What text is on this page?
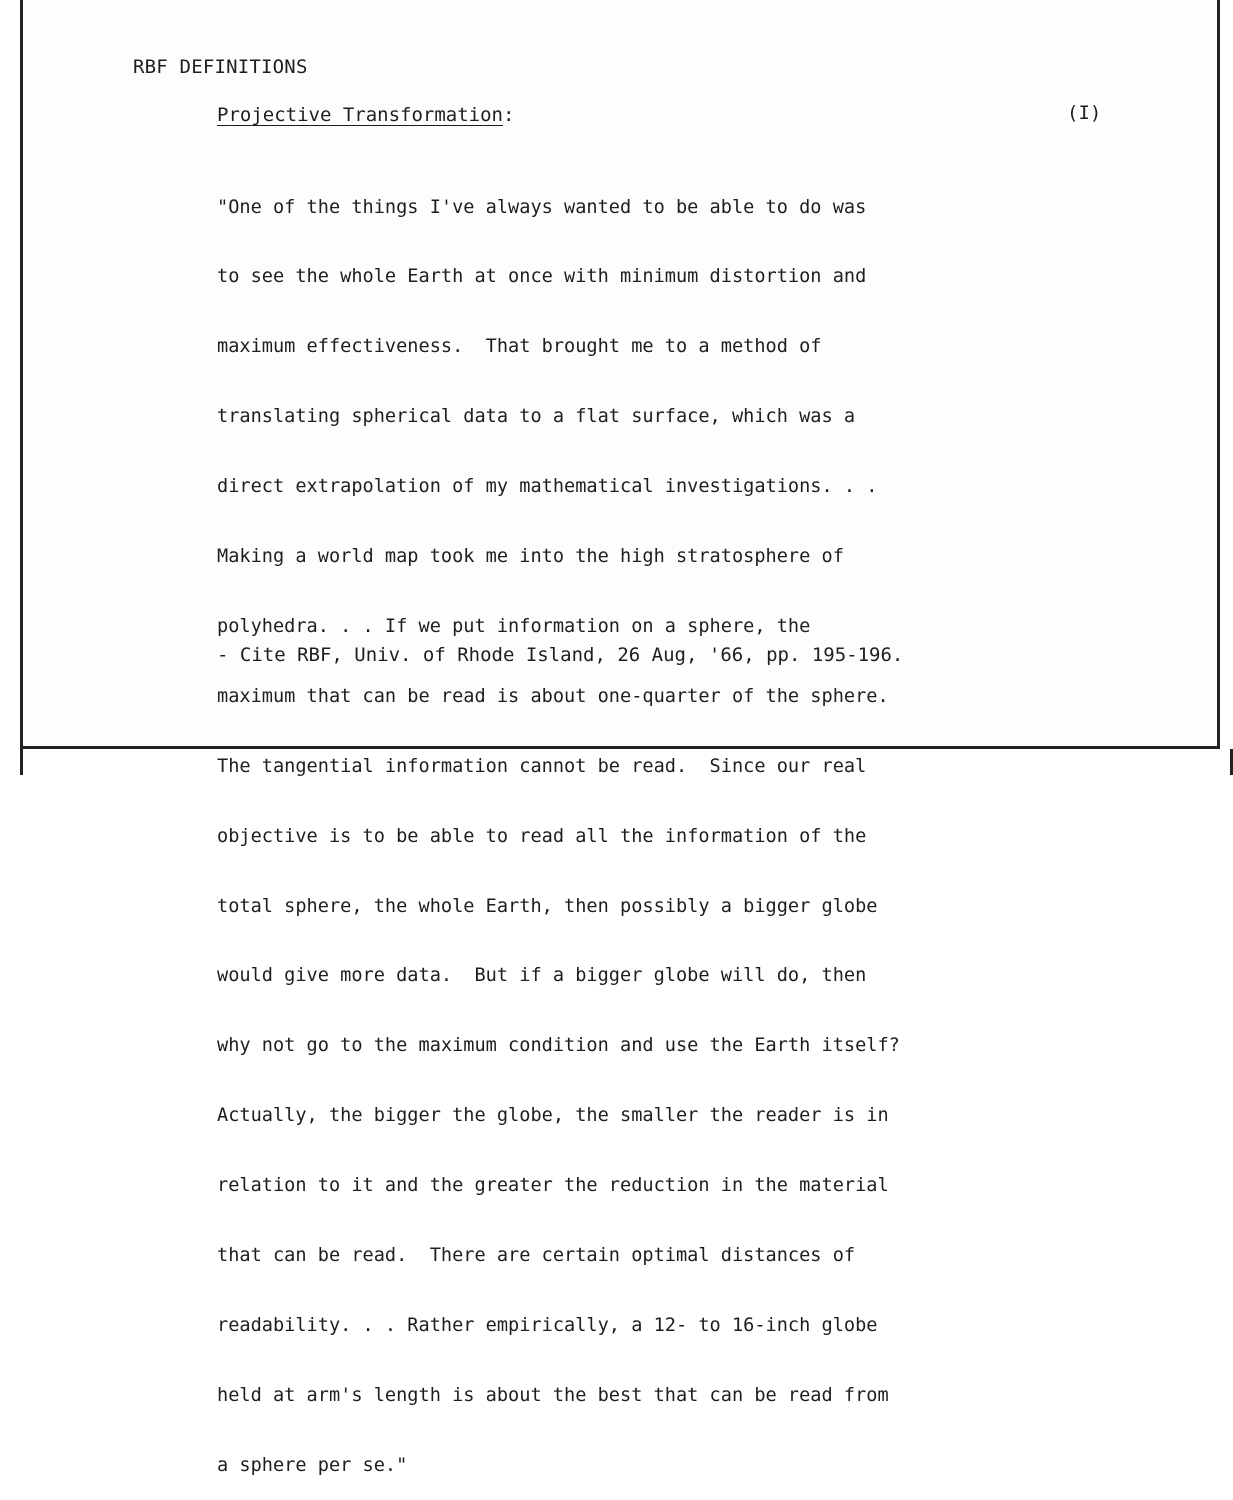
RBF DEFINITIONS
Projective Transformation:	(I)

"One of the things I've always wanted to be able to do was

to see the whole Earth at once with minimum distortion and

maximum effectiveness.  That brought me to a method of

translating spherical data to a flat surface, which was a

direct extrapolation of my mathematical investigations. . .

Making a world map took me into the high stratosphere of

polyhedra. . . If we put information on a sphere, the

maximum that can be read is about one-quarter of the sphere.

The tangential information cannot be read.  Since our real

objective is to be able to read all the information of the

total sphere, the whole Earth, then possibly a bigger globe

would give more data.  But if a bigger globe will do, then

why not go to the maximum condition and use the Earth itself?

Actually, the bigger the globe, the smaller the reader is in

relation to it and the greater the reduction in the material

that can be read.  There are certain optimal distances of

readability. . . Rather empirically, a 12- to 16-inch globe

held at arm's length is about the best that can be read from

a sphere per se."

- Cite RBF, Univ. of Rhode Island, 26 Aug, '66, pp. 195-196.
